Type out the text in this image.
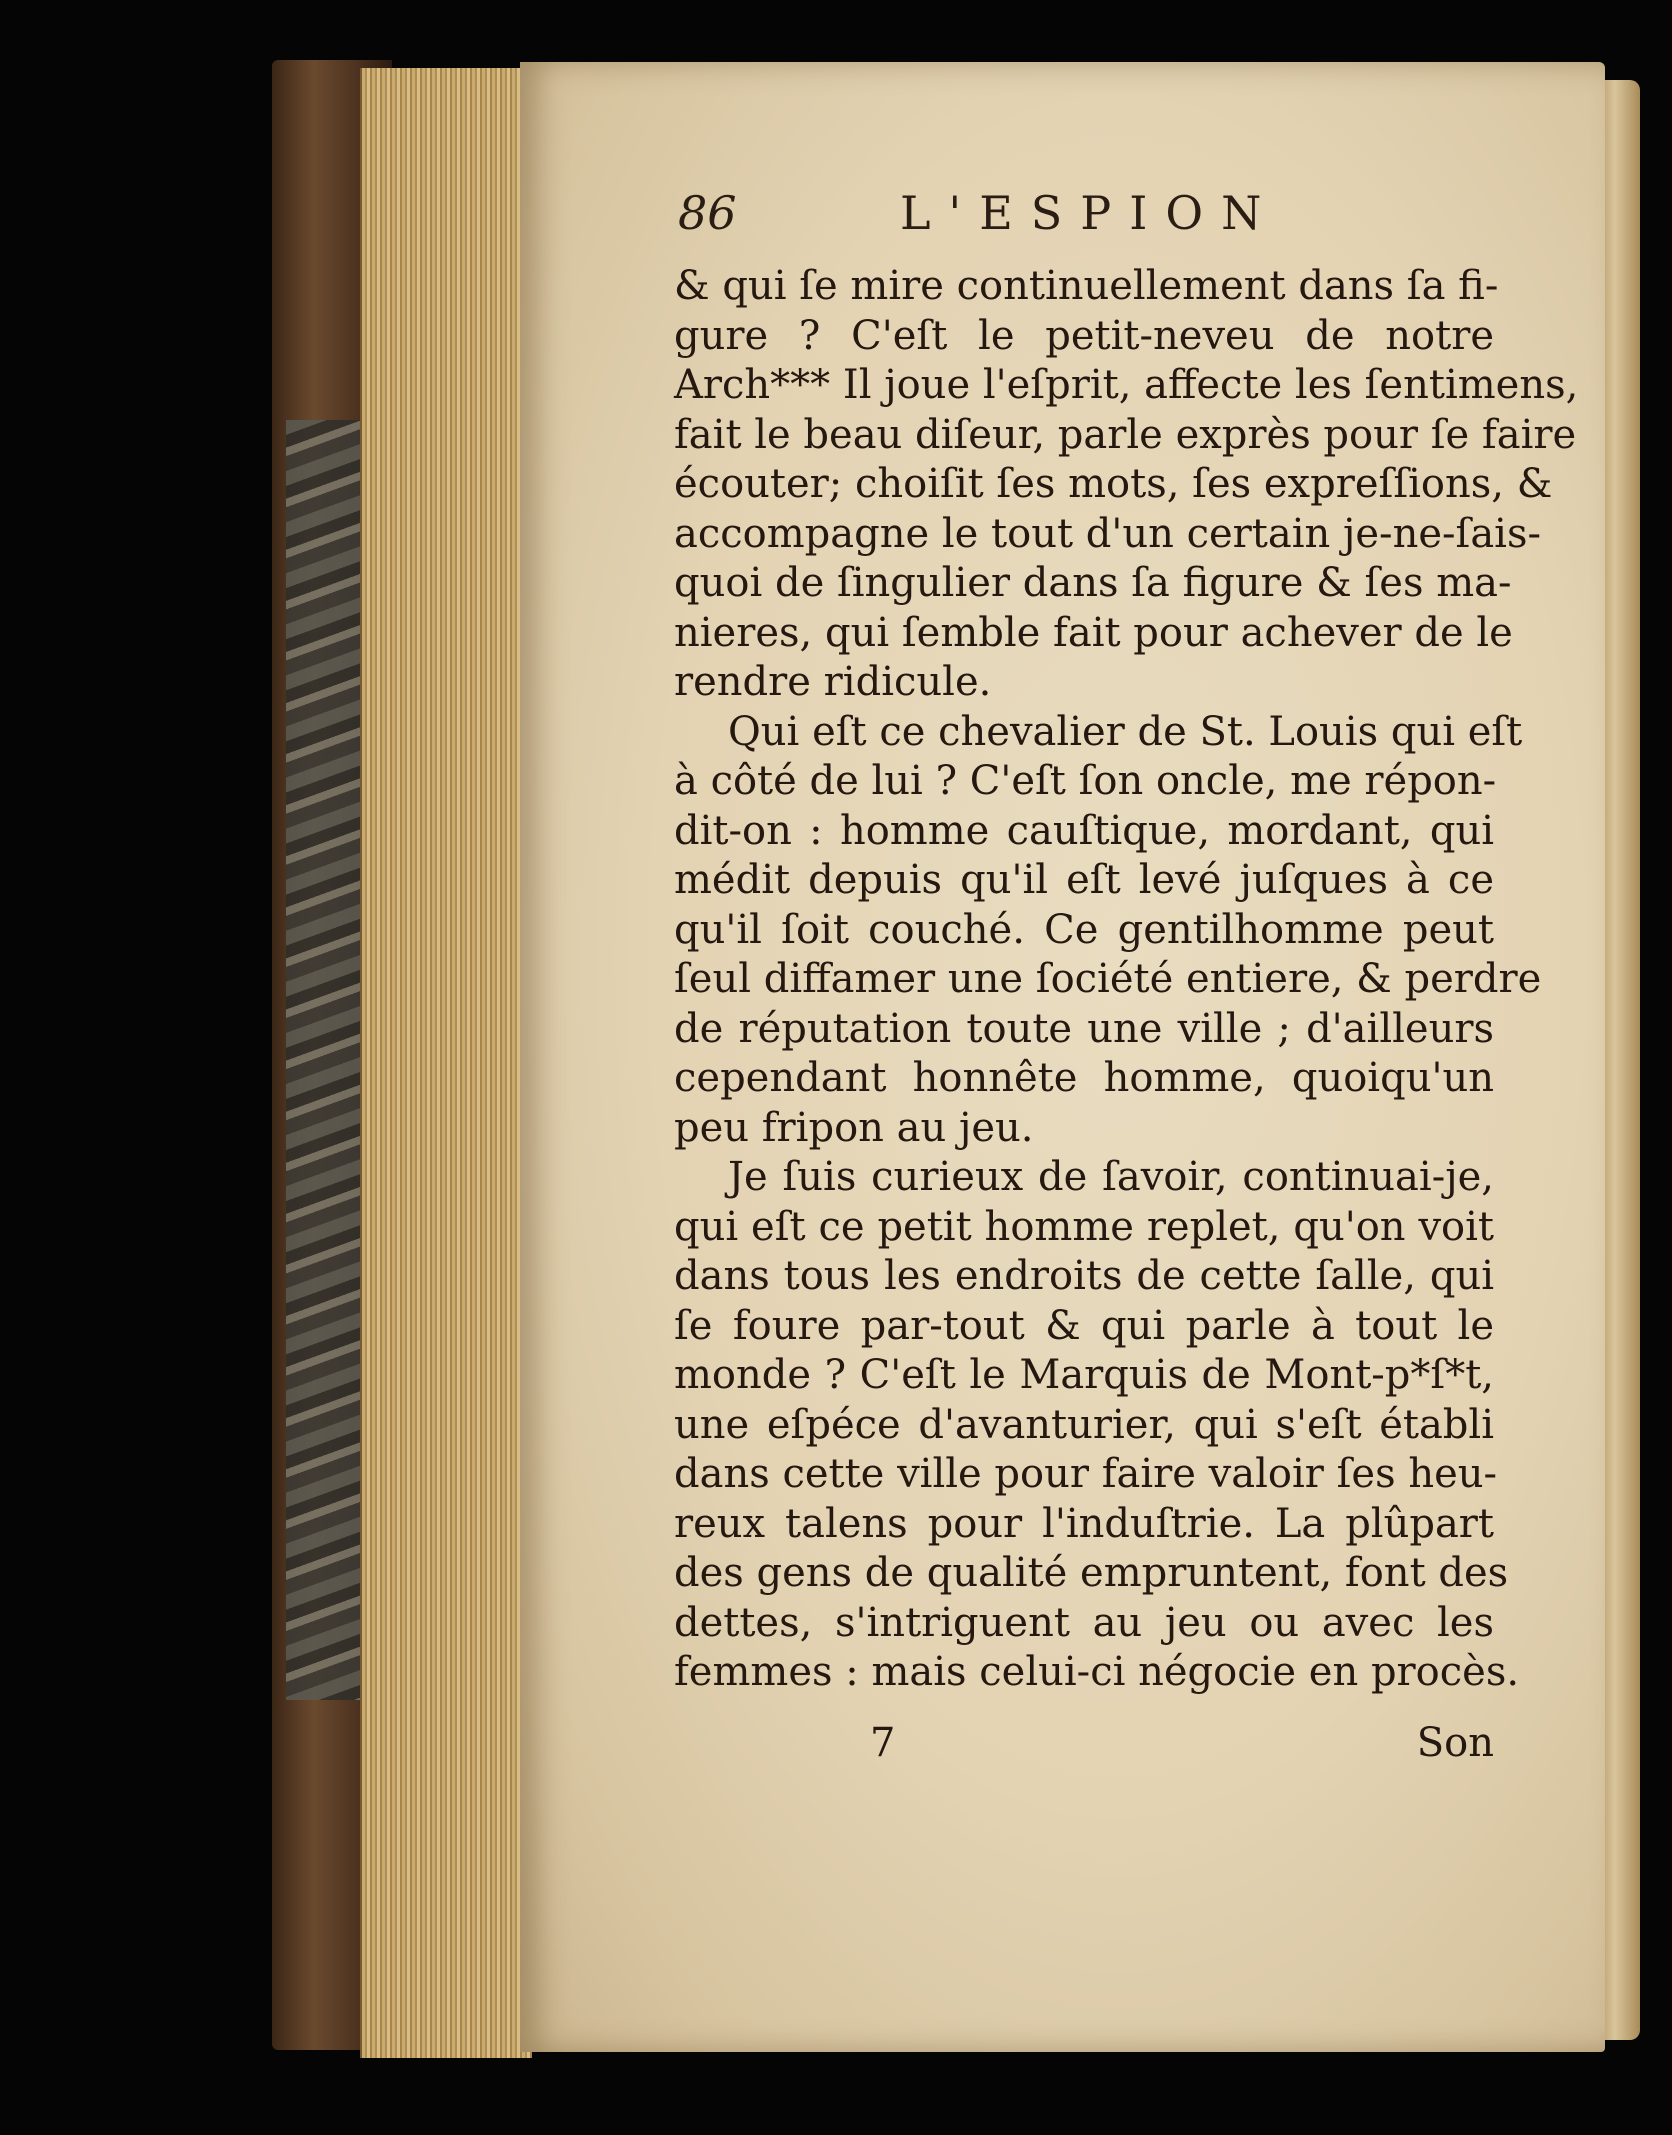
86	L'ESPION
& qui ſe mire continuellement dans ſa fi-
gure ? C'eſt le petit-neveu de notre
Arch*** Il joue l'eſprit, affecte les ſentimens,
fait le beau diſeur, parle exprès pour ſe faire
écouter; choiſit ſes mots, ſes expreſſions, &
accompagne le tout d'un certain je-ne-ſais-
quoi de ſingulier dans ſa figure & ſes ma-
nieres, qui ſemble fait pour achever de le
rendre ridicule.
Qui eſt ce chevalier de St. Louis qui eſt
à côté de lui ? C'eſt ſon oncle, me répon-
dit-on : homme cauſtique, mordant, qui
médit depuis qu'il eſt levé juſques à ce
qu'il ſoit couché. Ce gentilhomme peut
ſeul diffamer une ſociété entiere, & perdre
de réputation toute une ville ; d'ailleurs
cependant honnête homme, quoiqu'un
peu fripon au jeu.
Je ſuis curieux de ſavoir, continuai-je,
qui eſt ce petit homme replet, qu'on voit
dans tous les endroits de cette ſalle, qui
ſe foure par-tout & qui parle à tout le
monde ? C'eſt le Marquis de Mont-p*ſ*t,
une eſpéce d'avanturier, qui s'eſt établi
dans cette ville pour faire valoir ſes heu-
reux talens pour l'induſtrie. La plûpart
des gens de qualité empruntent, font des
dettes, s'intriguent au jeu ou avec les
femmes : mais celui-ci négocie en procès.
7	Son
